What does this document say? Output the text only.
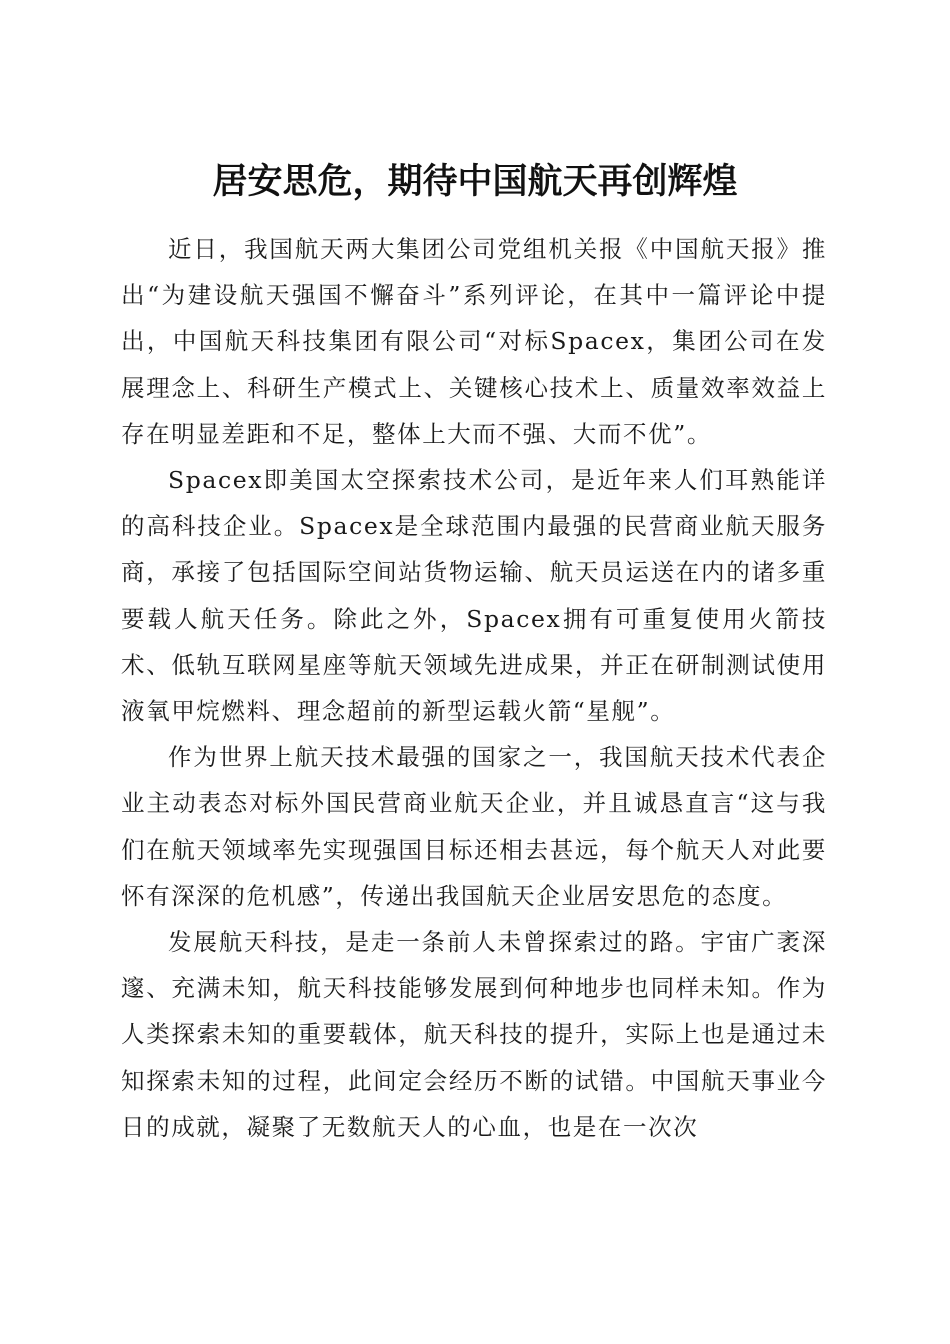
居安思危，期待中国航天再创辉煌

近日，我国航天两大集团公司党组机关报《中国航天报》推出“为建设航天强国不懈奋斗”系列评论，在其中一篇评论中提出，中国航天科技集团有限公司“对标Spacex，集团公司在发展理念上、科研生产模式上、关键核心技术上、质量效率效益上存在明显差距和不足，整体上大而不强、大而不优”。

Spacex即美国太空探索技术公司，是近年来人们耳熟能详的高科技企业。Spacex是全球范围内最强的民营商业航天服务商，承接了包括国际空间站货物运输、航天员运送在内的诸多重要载人航天任务。除此之外，Spacex拥有可重复使用火箭技术、低轨互联网星座等航天领域先进成果，并正在研制测试使用液氧甲烷燃料、理念超前的新型运载火箭“星舰”。

作为世界上航天技术最强的国家之一，我国航天技术代表企业主动表态对标外国民营商业航天企业，并且诚恳直言“这与我们在航天领域率先实现强国目标还相去甚远，每个航天人对此要怀有深深的危机感”，传递出我国航天企业居安思危的态度。

发展航天科技，是走一条前人未曾探索过的路。宇宙广袤深邃、充满未知，航天科技能够发展到何种地步也同样未知。作为人类探索未知的重要载体，航天科技的提升，实际上也是通过未知探索未知的过程，此间定会经历不断的试错。中国航天事业今日的成就，凝聚了无数航天人的心血，也是在一次次
